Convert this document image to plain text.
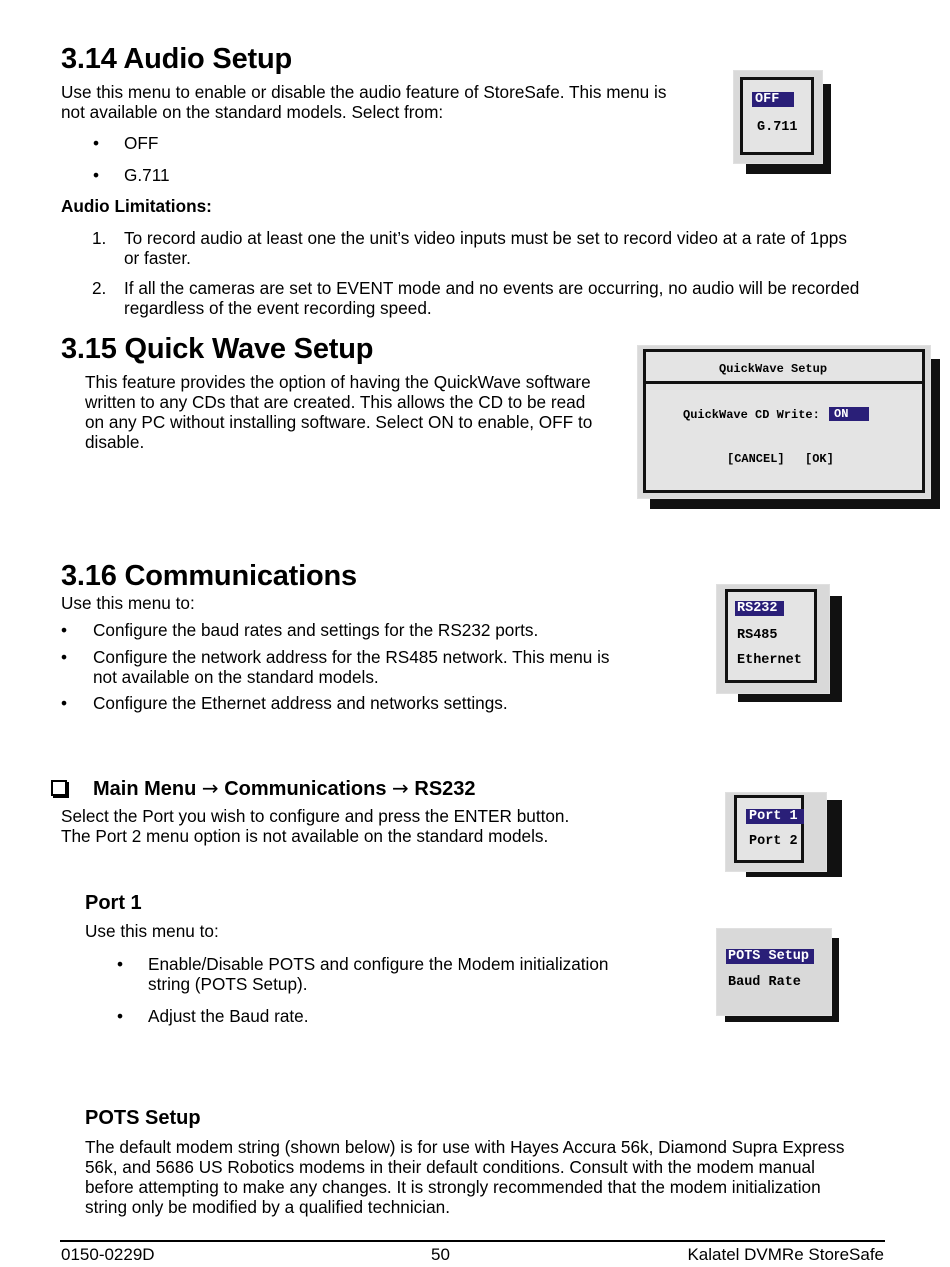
3.14 Audio Setup
Use this menu to enable or disable the audio feature of StoreSafe. This menu is
not available on the standard models. Select from:
• OFF
• G.711
Audio Limitations:
1. To record audio at least one the unit’s video inputs must be set to record video at a rate of 1pps
or faster.
2. If all the cameras are set to EVENT mode and no events are occurring, no audio will be recorded
regardless of the event recording speed.
OFF
G.711
3.15 Quick Wave Setup
This feature provides the option of having the QuickWave software
written to any CDs that are created. This allows the CD to be read
on any PC without installing software. Select ON to enable, OFF to
disable.
QuickWave Setup
QuickWave CD Write:	ON
[CANCEL] [OK]
3.16 Communications
Use this menu to:
• Configure the baud rates and settings for the RS232 ports.
• Configure the network address for the RS485 network. This menu is
not available on the standard models.
• Configure the Ethernet address and networks settings.
RS232
RS485
Ethernet
Main Menu → Communications → RS232
Select the Port you wish to configure and press the ENTER button.
The Port 2 menu option is not available on the standard models.
Port 1
Port 2
Port 1
Use this menu to:
• Enable/Disable POTS and configure the Modem initialization
string (POTS Setup).
• Adjust the Baud rate.
POTS Setup
Baud Rate
POTS Setup
The default modem string (shown below) is for use with Hayes Accura 56k, Diamond Supra Express
56k, and 5686 US Robotics modems in their default conditions. Consult with the modem manual
before attempting to make any changes. It is strongly recommended that the modem initialization
string only be modified by a qualified technician.
0150-0229D	50	Kalatel DVMRe StoreSafe
